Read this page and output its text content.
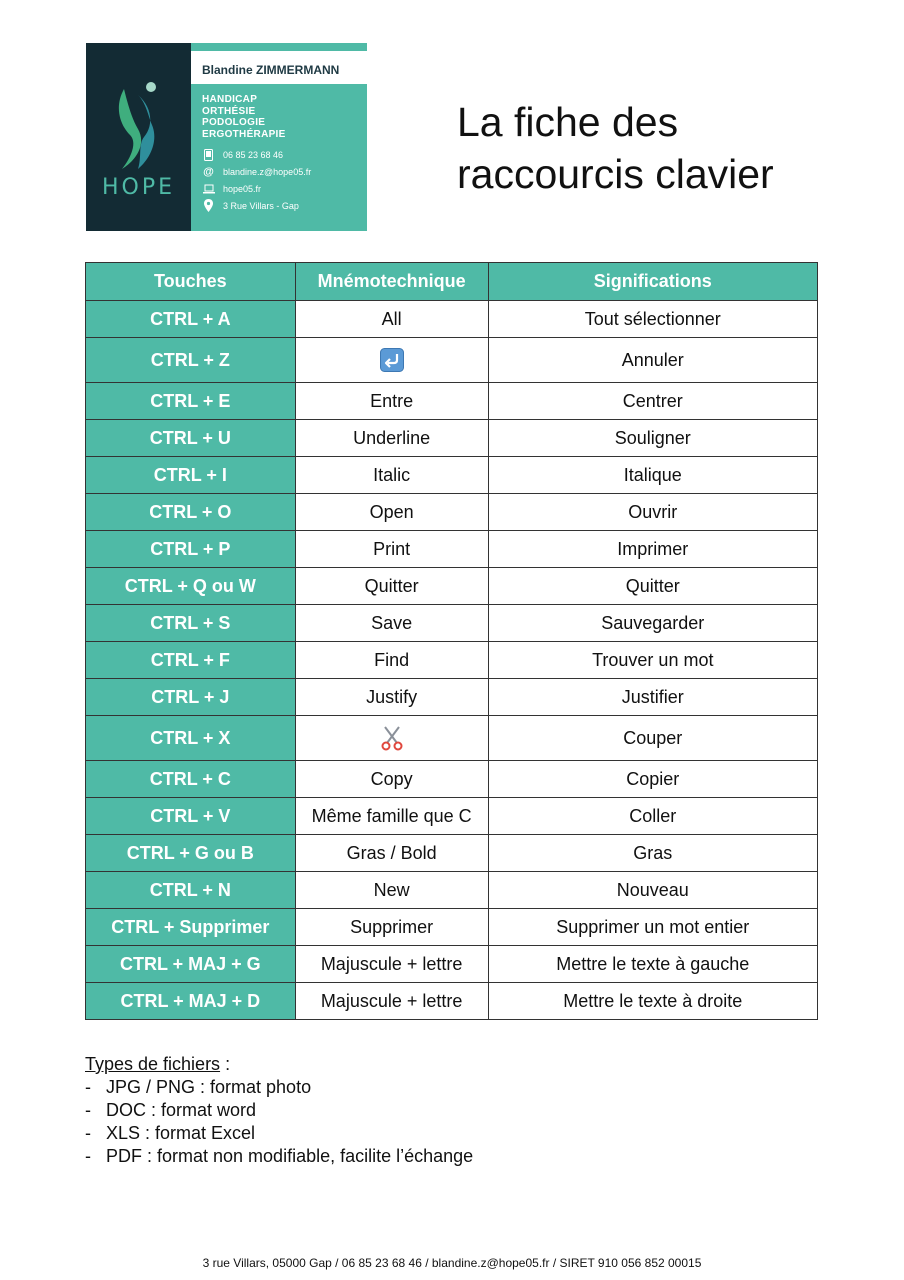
HOPE
Blandine ZIMMERMANN
HANDICAP
ORTHÉSIE
PODOLOGIE
ERGOTHÉRAPIE
06 85 23 68 46
@ blandine.z@hope05.fr
hope05.fr
3 Rue Villars - Gap
La fiche des
raccourcis clavier
Touches	Mnémotechnique	Significations
CTRL + A	All	Tout sélectionner
CTRL + Z		Annuler
CTRL + E	Entre	Centrer
CTRL + U	Underline	Souligner
CTRL + I	Italic	Italique
CTRL + O	Open	Ouvrir
CTRL + P	Print	Imprimer
CTRL + Q ou W	Quitter	Quitter
CTRL + S	Save	Sauvegarder
CTRL + F	Find	Trouver un mot
CTRL + J	Justify	Justifier
CTRL + X		Couper
CTRL + C	Copy	Copier
CTRL + V	Même famille que C	Coller
CTRL + G ou B	Gras / Bold	Gras
CTRL + N	New	Nouveau
CTRL + Supprimer	Supprimer	Supprimer un mot entier
CTRL + MAJ + G	Majuscule + lettre	Mettre le texte à gauche
CTRL + MAJ + D	Majuscule + lettre	Mettre le texte à droite
Types de fichiers :
- JPG / PNG : format photo
- DOC : format word
- XLS : format Excel
- PDF : format non modifiable, facilite l’échange
3 rue Villars, 05000 Gap / 06 85 23 68 46 / blandine.z@hope05.fr / SIRET 910 056 852 00015
